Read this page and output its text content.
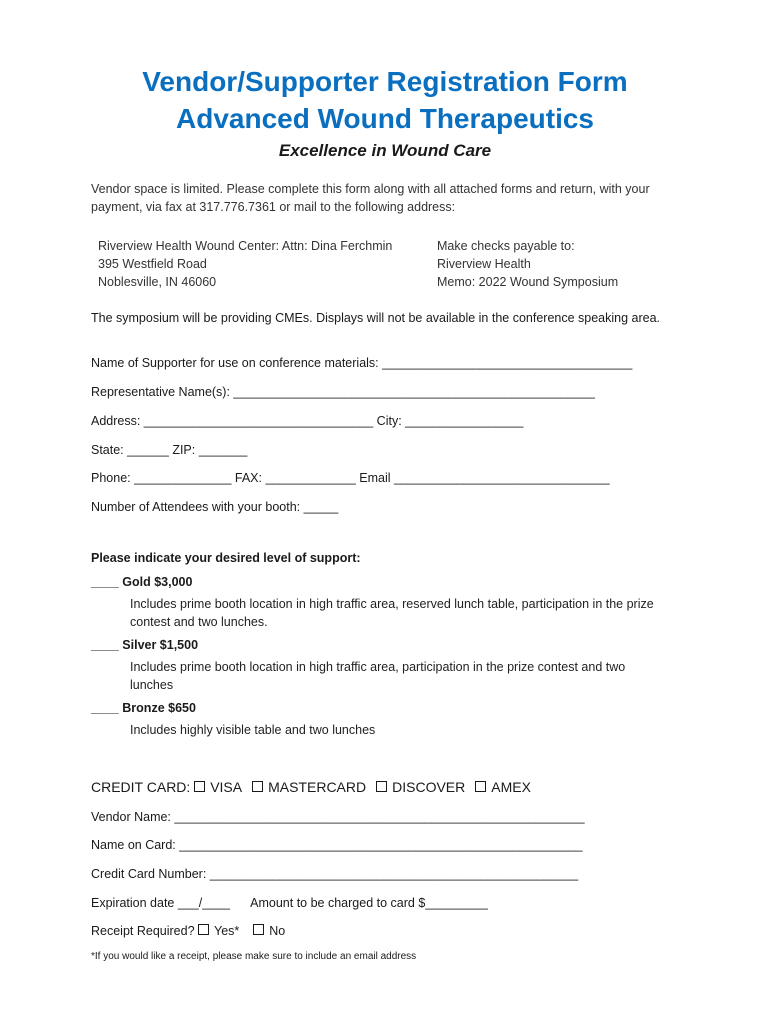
Vendor/Supporter Registration Form
Advanced Wound Therapeutics
Excellence in Wound Care
Vendor space is limited. Please complete this form along with all attached forms and return, with your payment, via fax at 317.776.7361 or mail to the following address:
Riverview Health Wound Center: Attn: Dina Ferchmin
395 Westfield Road
Noblesville, IN 46060
Make checks payable to:
Riverview Health
Memo: 2022 Wound Symposium
The symposium will be providing CMEs. Displays will not be available in the conference speaking area.
Name of Supporter for use on conference materials: ____________________________________
Representative Name(s): ____________________________________________________
Address: _________________________________ City: _________________
State: ______ ZIP: _______
Phone: ______________ FAX: _____________ Email _______________________________
Number of Attendees with your booth: _____
Please indicate your desired level of support:
____ Gold $3,000
Includes prime booth location in high traffic area, reserved lunch table, participation in the prize contest and two lunches.
____ Silver $1,500
Includes prime booth location in high traffic area, participation in the prize contest and two lunches
____ Bronze $650
Includes highly visible table and two lunches
CREDIT CARD: VISA MASTERCARD DISCOVER AMEX
Vendor Name: ___________________________________________________________
Name on Card: __________________________________________________________
Credit Card Number: _____________________________________________________
Expiration date ___/____ Amount to be charged to card $_________
Receipt Required? Yes* No
*If you would like a receipt, please make sure to include an email address
